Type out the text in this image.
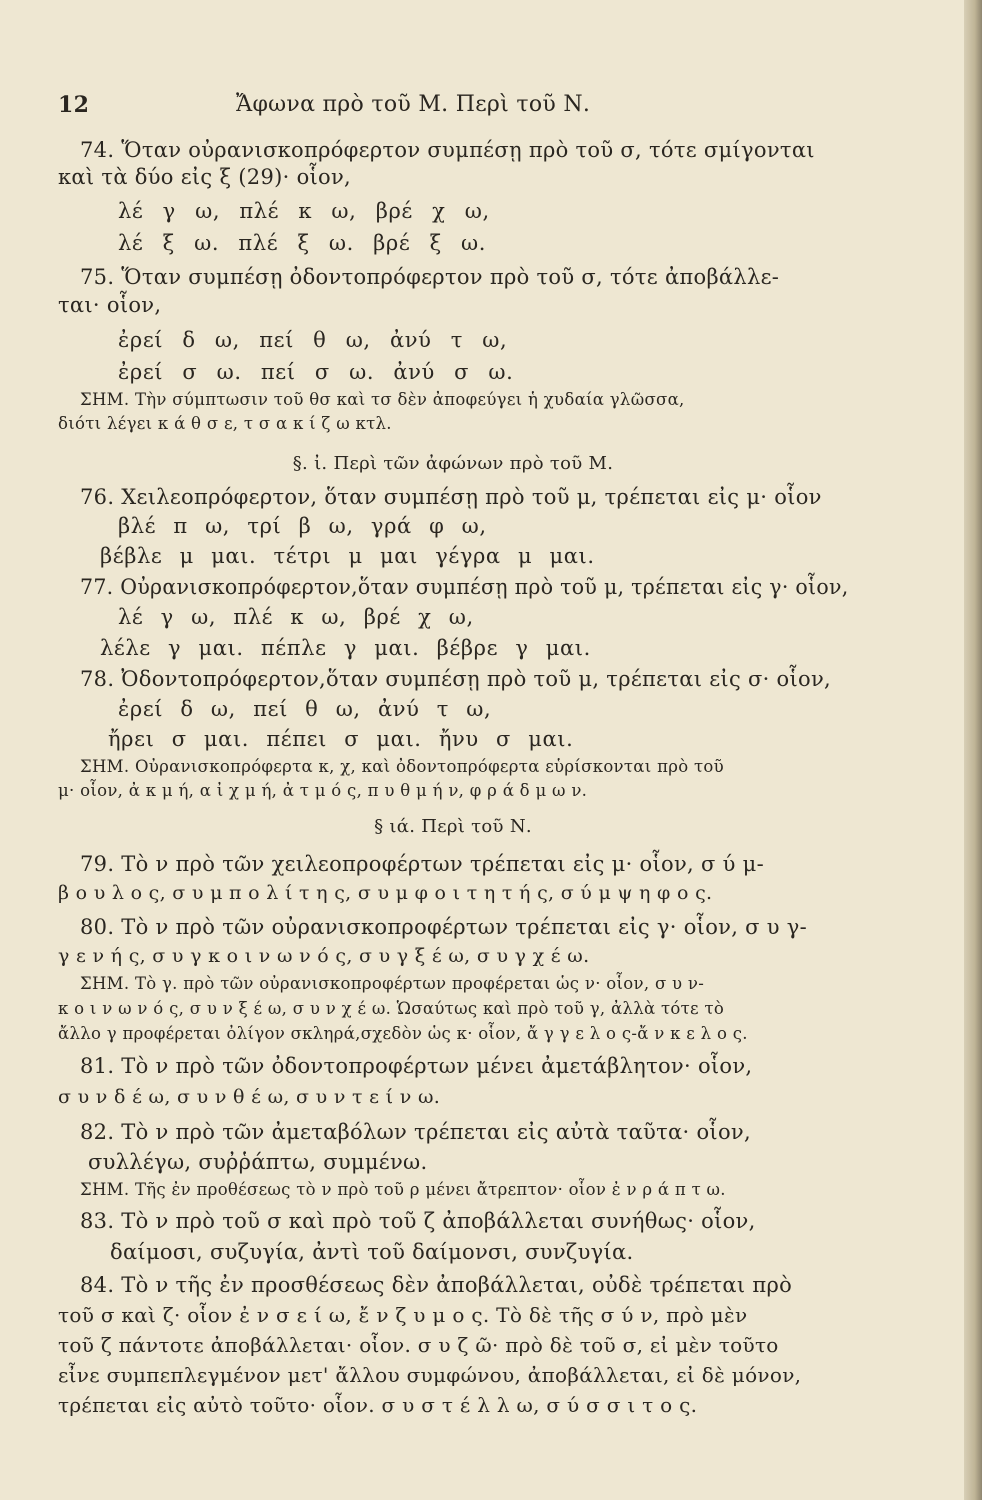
12	Ἄφωνα πρὸ τοῦ Μ. Περὶ τοῦ Ν.
74. Ὅταν οὐρανισκοπρόφερτον συμπέσῃ πρὸ τοῦ σ, τότε σμίγονται
καὶ τὰ δύο εἰς ξ (29)· οἷον,
λέ γ ω, πλέ κ ω, βρέ χ ω,
λέ ξ ω. πλέ ξ ω. βρέ ξ ω.
75. Ὅταν συμπέσῃ ὀδοντοπρόφερτον πρὸ τοῦ σ, τότε ἀποβάλλε-
ται· οἷον,
ἐρεί δ ω, πεί θ ω, ἀνύ τ ω,
ἐρεί σ ω. πεί σ ω. ἀνύ σ ω.
ΣΗΜ. Τὴν σύμπτωσιν τοῦ θσ καὶ τσ δὲν ἀποφεύγει ἡ χυδαία γλῶσσα,
διότι λέγει κ ά θ σ ε, τ σ α κ ί ζ ω κτλ.
§. ἰ. Περὶ τῶν ἀφώνων πρὸ τοῦ Μ.
76. Χειλεοπρόφερτον, ὅταν συμπέσῃ πρὸ τοῦ μ, τρέπεται εἰς μ· οἷον
βλέ π ω, τρί β ω, γρά φ ω,
βέβλε μ μαι. τέτρι μ μαι γέγρα μ μαι.
77. Οὐρανισκοπρόφερτον,ὅταν συμπέσῃ πρὸ τοῦ μ, τρέπεται εἰς γ· οἷον,
λέ γ ω, πλέ κ ω, βρέ χ ω,
λέλε γ μαι. πέπλε γ μαι. βέβρε γ μαι.
78. Ὀδοντοπρόφερτον,ὅταν συμπέσῃ πρὸ τοῦ μ, τρέπεται εἰς σ· οἷον,
ἐρεί δ ω, πεί θ ω, ἀνύ τ ω,
ἤρει σ μαι. πέπει σ μαι. ἤνυ σ μαι.
ΣΗΜ. Οὐρανισκοπρόφερτα κ, χ, καὶ ὀδοντοπρόφερτα εὑρίσκονται πρὸ τοῦ
μ· οἷον, ἀ κ μ ή, α ἰ χ μ ή, ἀ τ μ ό ς, π υ θ μ ή ν, φ ρ ά δ μ ω ν.
§ ιά. Περὶ τοῦ Ν.
79. Τὸ ν πρὸ τῶν χειλεοπροφέρτων τρέπεται εἰς μ· οἷον, σ ύ μ-
β ο υ λ ο ς, σ υ μ π ο λ ί τ η ς, σ υ μ φ ο ι τ η τ ή ς, σ ύ μ ψ η φ ο ς.
80. Τὸ ν πρὸ τῶν οὐρανισκοπροφέρτων τρέπεται εἰς γ· οἷον, σ υ γ-
γ ε ν ή ς, σ υ γ κ ο ι ν ω ν ό ς, σ υ γ ξ έ ω, σ υ γ χ έ ω.
ΣΗΜ. Τὸ γ. πρὸ τῶν οὐρανισκοπροφέρτων προφέρεται ὡς ν· οἷον, σ υ ν-
κ ο ι ν ω ν ό ς, σ υ ν ξ έ ω, σ υ ν χ έ ω. Ὡσαύτως καὶ πρὸ τοῦ γ, ἀλλὰ τότε τὸ
ἄλλο γ προφέρεται ὀλίγον σκληρά,σχεδὸν ὡς κ· οἷον, ἄ γ γ ε λ ο ς-ἄ ν κ ε λ ο ς.
81. Τὸ ν πρὸ τῶν ὀδοντοπροφέρτων μένει ἀμετάβλητον· οἷον,
σ υ ν δ έ ω, σ υ ν θ έ ω, σ υ ν τ ε ί ν ω.
82. Τὸ ν πρὸ τῶν ἀμεταβόλων τρέπεται εἰς αὐτὰ ταῦτα· οἷον,
συλλέγω, συῤῥάπτω, συμμένω.
ΣΗΜ. Τῆς ἐν προθέσεως τὸ ν πρὸ τοῦ ρ μένει ἄτρεπτον· οἷον ἐ ν ρ ά π τ ω.
83. Τὸ ν πρὸ τοῦ σ καὶ πρὸ τοῦ ζ ἀποβάλλεται συνήθως· οἷον,
δαίμοσι, συζυγία, ἀντὶ τοῦ δαίμονσι, συνζυγία.
84. Τὸ ν τῆς ἐν προσθέσεως δὲν ἀποβάλλεται, οὐδὲ τρέπεται πρὸ
τοῦ σ καὶ ζ· οἷον ἐ ν σ ε ί ω, ἔ ν ζ υ μ ο ς. Τὸ δὲ τῆς σ ύ ν, πρὸ μὲν
τοῦ ζ πάντοτε ἀποβάλλεται· οἷον. σ υ ζ ῶ· πρὸ δὲ τοῦ σ, εἰ μὲν τοῦτο
εἶνε συμπεπλεγμένον μετ' ἄλλου συμφώνου, ἀποβάλλεται, εἰ δὲ μόνον,
τρέπεται εἰς αὐτὸ τοῦτο· οἷον. σ υ σ τ έ λ λ ω, σ ύ σ σ ι τ ο ς.
